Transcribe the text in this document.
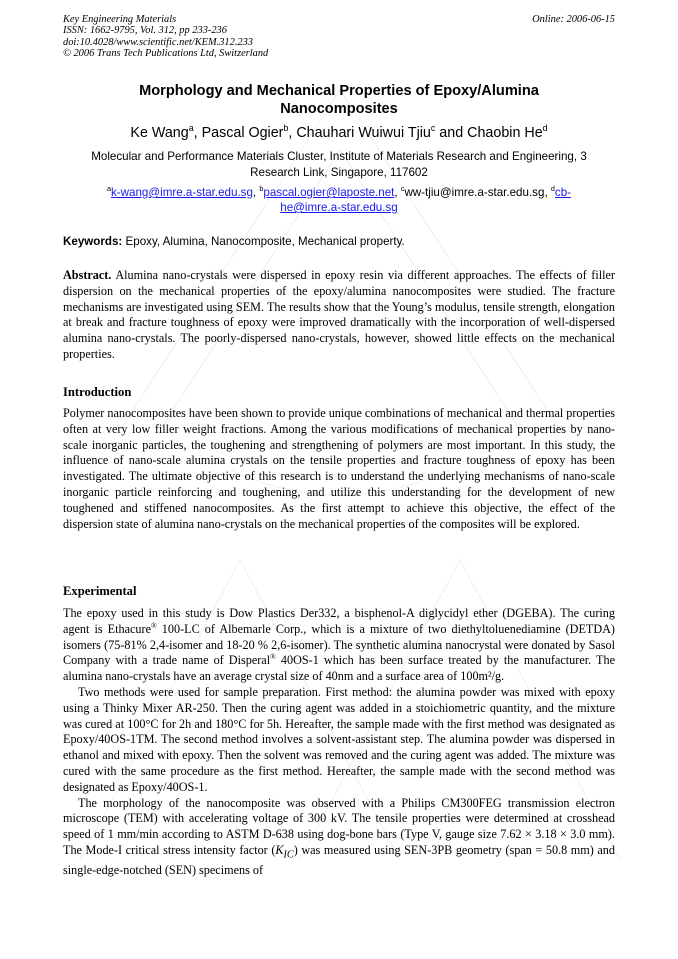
Key Engineering Materials
ISSN: 1662-9795, Vol. 312, pp 233-236
doi:10.4028/www.scientific.net/KEM.312.233
© 2006 Trans Tech Publications Ltd, Switzerland
Online: 2006-06-15
Morphology and Mechanical Properties of Epoxy/Alumina Nanocomposites
Ke Wang$^a$, Pascal Ogier$^b$, Chauhari Wuiwui Tjiu$^c$ and Chaobin He$^d$
Molecular and Performance Materials Cluster, Institute of Materials Research and Engineering, 3 Research Link, Singapore, 117602
$^a$k-wang@imre.a-star.edu.sg, $^b$pascal.ogier@laposte.net, $^c$ww-tjiu@imre.a-star.edu.sg, $^d$cb-he@imre.a-star.edu.sg
Keywords: Epoxy, Alumina, Nanocomposite, Mechanical property.
Abstract. Alumina nano-crystals were dispersed in epoxy resin via different approaches. The effects of filler dispersion on the mechanical properties of the epoxy/alumina nanocomposites were studied. The fracture mechanisms are investigated using SEM. The results show that the Young’s modulus, tensile strength, elongation at break and fracture toughness of epoxy were improved dramatically with the incorporation of well-dispersed alumina nano-crystals. The poorly-dispersed nano-crystals, however, showed little effects on the mechanical properties.
Introduction
Polymer nanocomposites have been shown to provide unique combinations of mechanical and thermal properties often at very low filler weight fractions. Among the various modifications of mechanical properties by nano-scale inorganic particles, the toughening and strengthening of polymers are most important. In this study, the influence of nano-scale alumina crystals on the tensile properties and fracture toughness of epoxy has been investigated. The ultimate objective of this research is to understand the underlying mechanisms of nano-scale inorganic particle reinforcing and toughening, and utilize this understanding for the development of new toughened and stiffened nanocomposites. As the first attempt to achieve this objective, the effect of the dispersion state of alumina nano-crystals on the mechanical properties of the composites will be explored.
Experimental

The epoxy used in this study is Dow Plastics Der332, a bisphenol-A diglycidyl ether (DGEBA). The curing agent is Ethacure® 100-LC of Albemarle Corp., which is a mixture of two diethyltoluenediamine (DETDA) isomers (75-81% 2,4-isomer and 18-20 % 2,6-isomer). The synthetic alumina nanocrystal were donated by Sasol Company with a trade name of Disperal® 40OS-1 which has been surface treated by the manufacturer. The alumina nano-crystals have an average crystal size of 40nm and a surface area of 100m²/g.

Two methods were used for sample preparation. First method: the alumina powder was mixed with epoxy using a Thinky Mixer AR-250. Then the curing agent was added in a stoichiometric quantity, and the mixture was cured at 100°C for 2h and 180°C for 5h. Hereafter, the sample made with the first method was designated as Epoxy/40OS-1TM. The second method involves a solvent-assistant step. The alumina powder was dispersed in ethanol and mixed with epoxy. Then the solvent was removed and the curing agent was added. The mixture was cured with the same procedure as the first method. Hereafter, the sample made with the second method was designated as Epoxy/40OS-1.

The morphology of the nanocomposite was observed with a Philips CM300FEG transmission electron microscope (TEM) with accelerating voltage of 300 kV. The tensile properties were determined at crosshead speed of 1 mm/min according to ASTM D-638 using dog-bone bars (Type V, gauge size 7.62 × 3.18 × 3.0 mm). The Mode-I critical stress intensity factor $(K_{IC})$ was measured using SEN-3PB geometry (span = 50.8 mm) and single-edge-notched (SEN) specimens of
